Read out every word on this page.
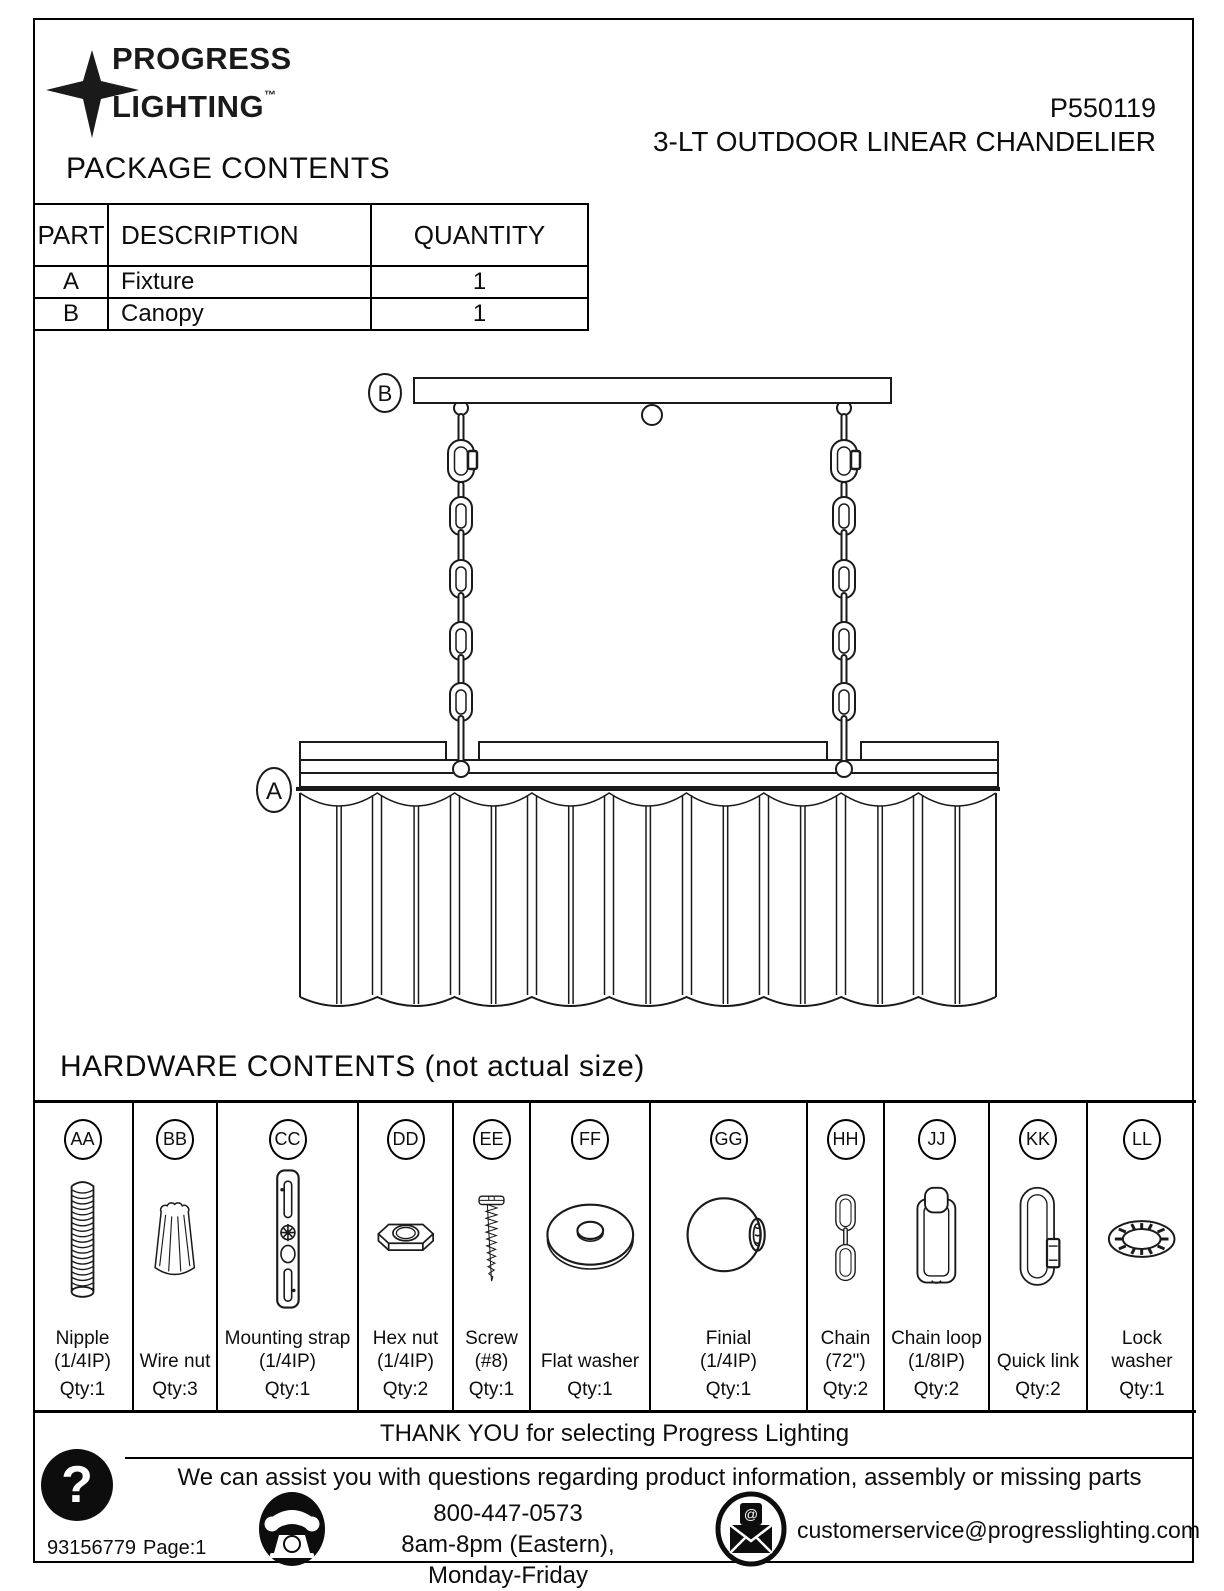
PROGRESS
LIGHTING™	P550119
3-LT OUTDOOR LINEAR CHANDELIER
PACKAGE CONTENTS
PART	DESCRIPTION	QUANTITY
A	Fixture	1
B	Canopy	1
B
A
HARDWARE CONTENTS (not actual size)
AA
Nipple
(1/4IP)
Qty:1
BB
Wire nut
Qty:3
CC
Mounting strap
(1/4IP)
Qty:1
DD
Hex nut
(1/4IP)
Qty:2
EE
Screw
(#8)
Qty:1
FF
Flat washer
Qty:1
GG
Finial
(1/4IP)
Qty:1
HH
Chain
(72")
Qty:2
JJ
Chain loop
(1/8IP)
Qty:2
KK
Quick link
Qty:2
LL
Lock washer
Qty:1
?
THANK YOU for selecting Progress Lighting
We can assist you with questions regarding product information, assembly or missing parts
93156779 Page:1
800-447-0573
8am-8pm (Eastern), Monday-Friday
@
customerservice@progresslighting.com
